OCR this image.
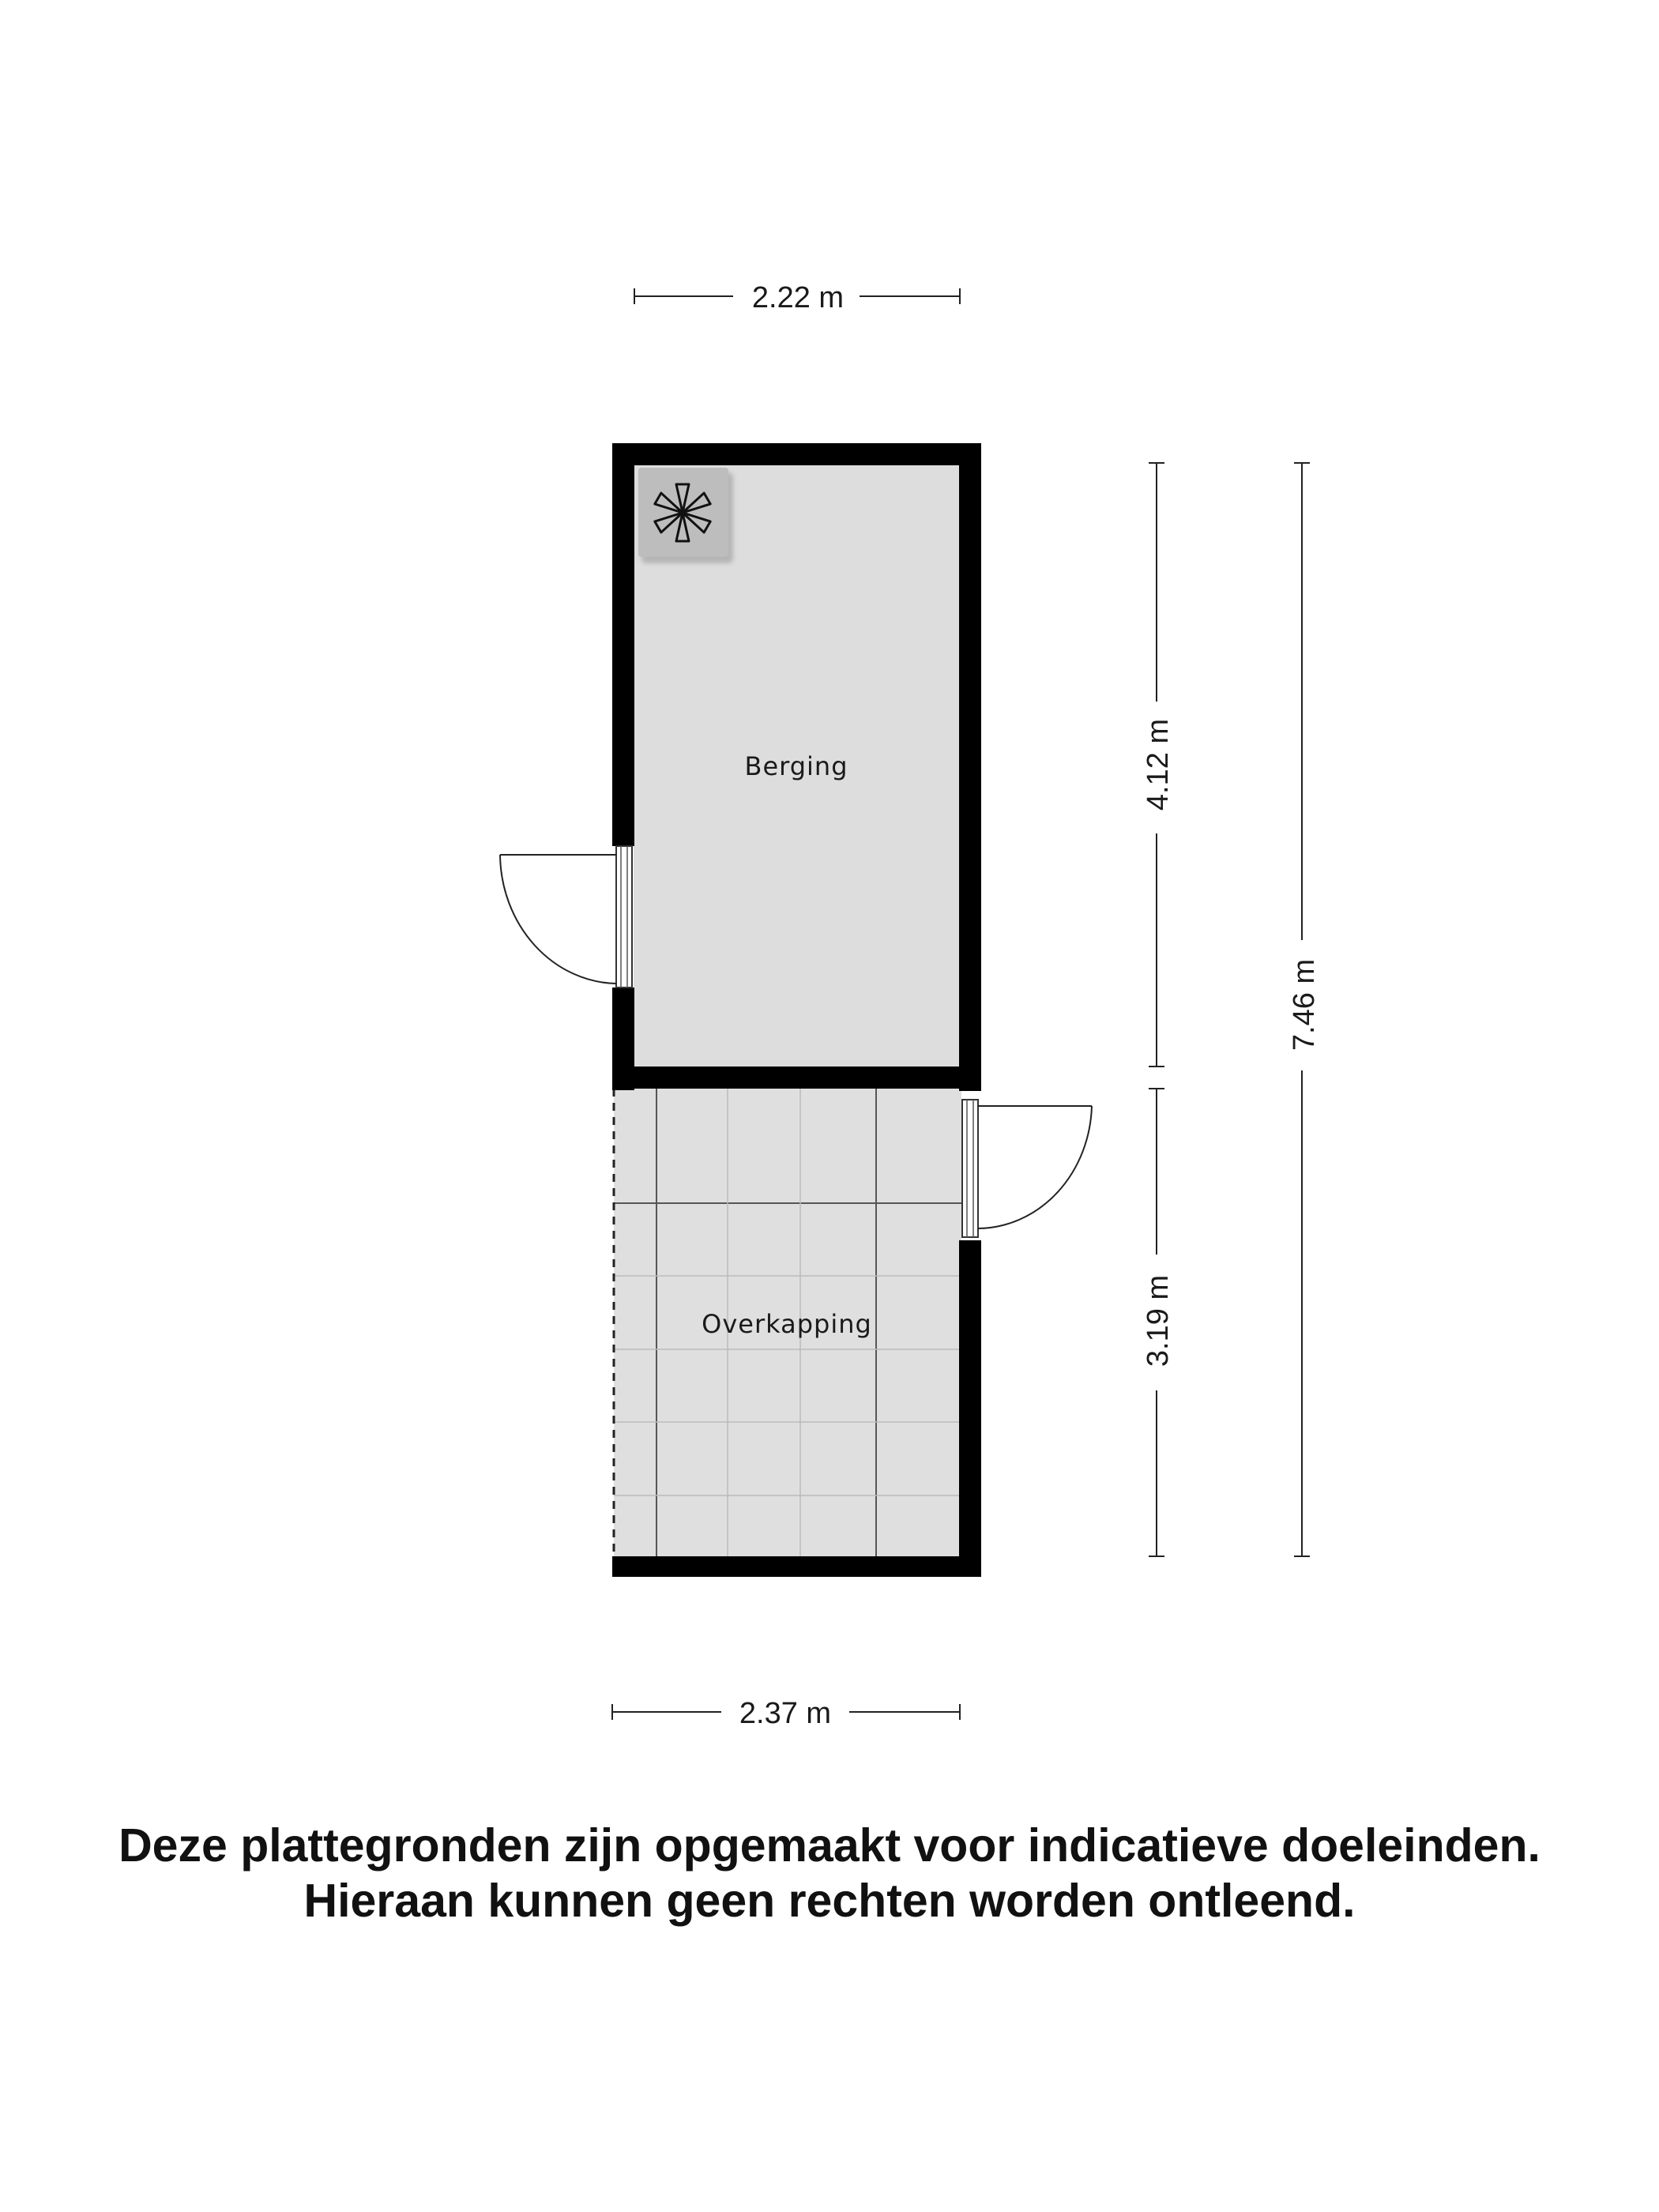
Berging
Overkapping
2.22 m
2.37 m
4.12 m
3.19 m
7.46 m
Deze plattegronden zijn opgemaakt voor indicatieve doeleinden.
Hieraan kunnen geen rechten worden ontleend.
